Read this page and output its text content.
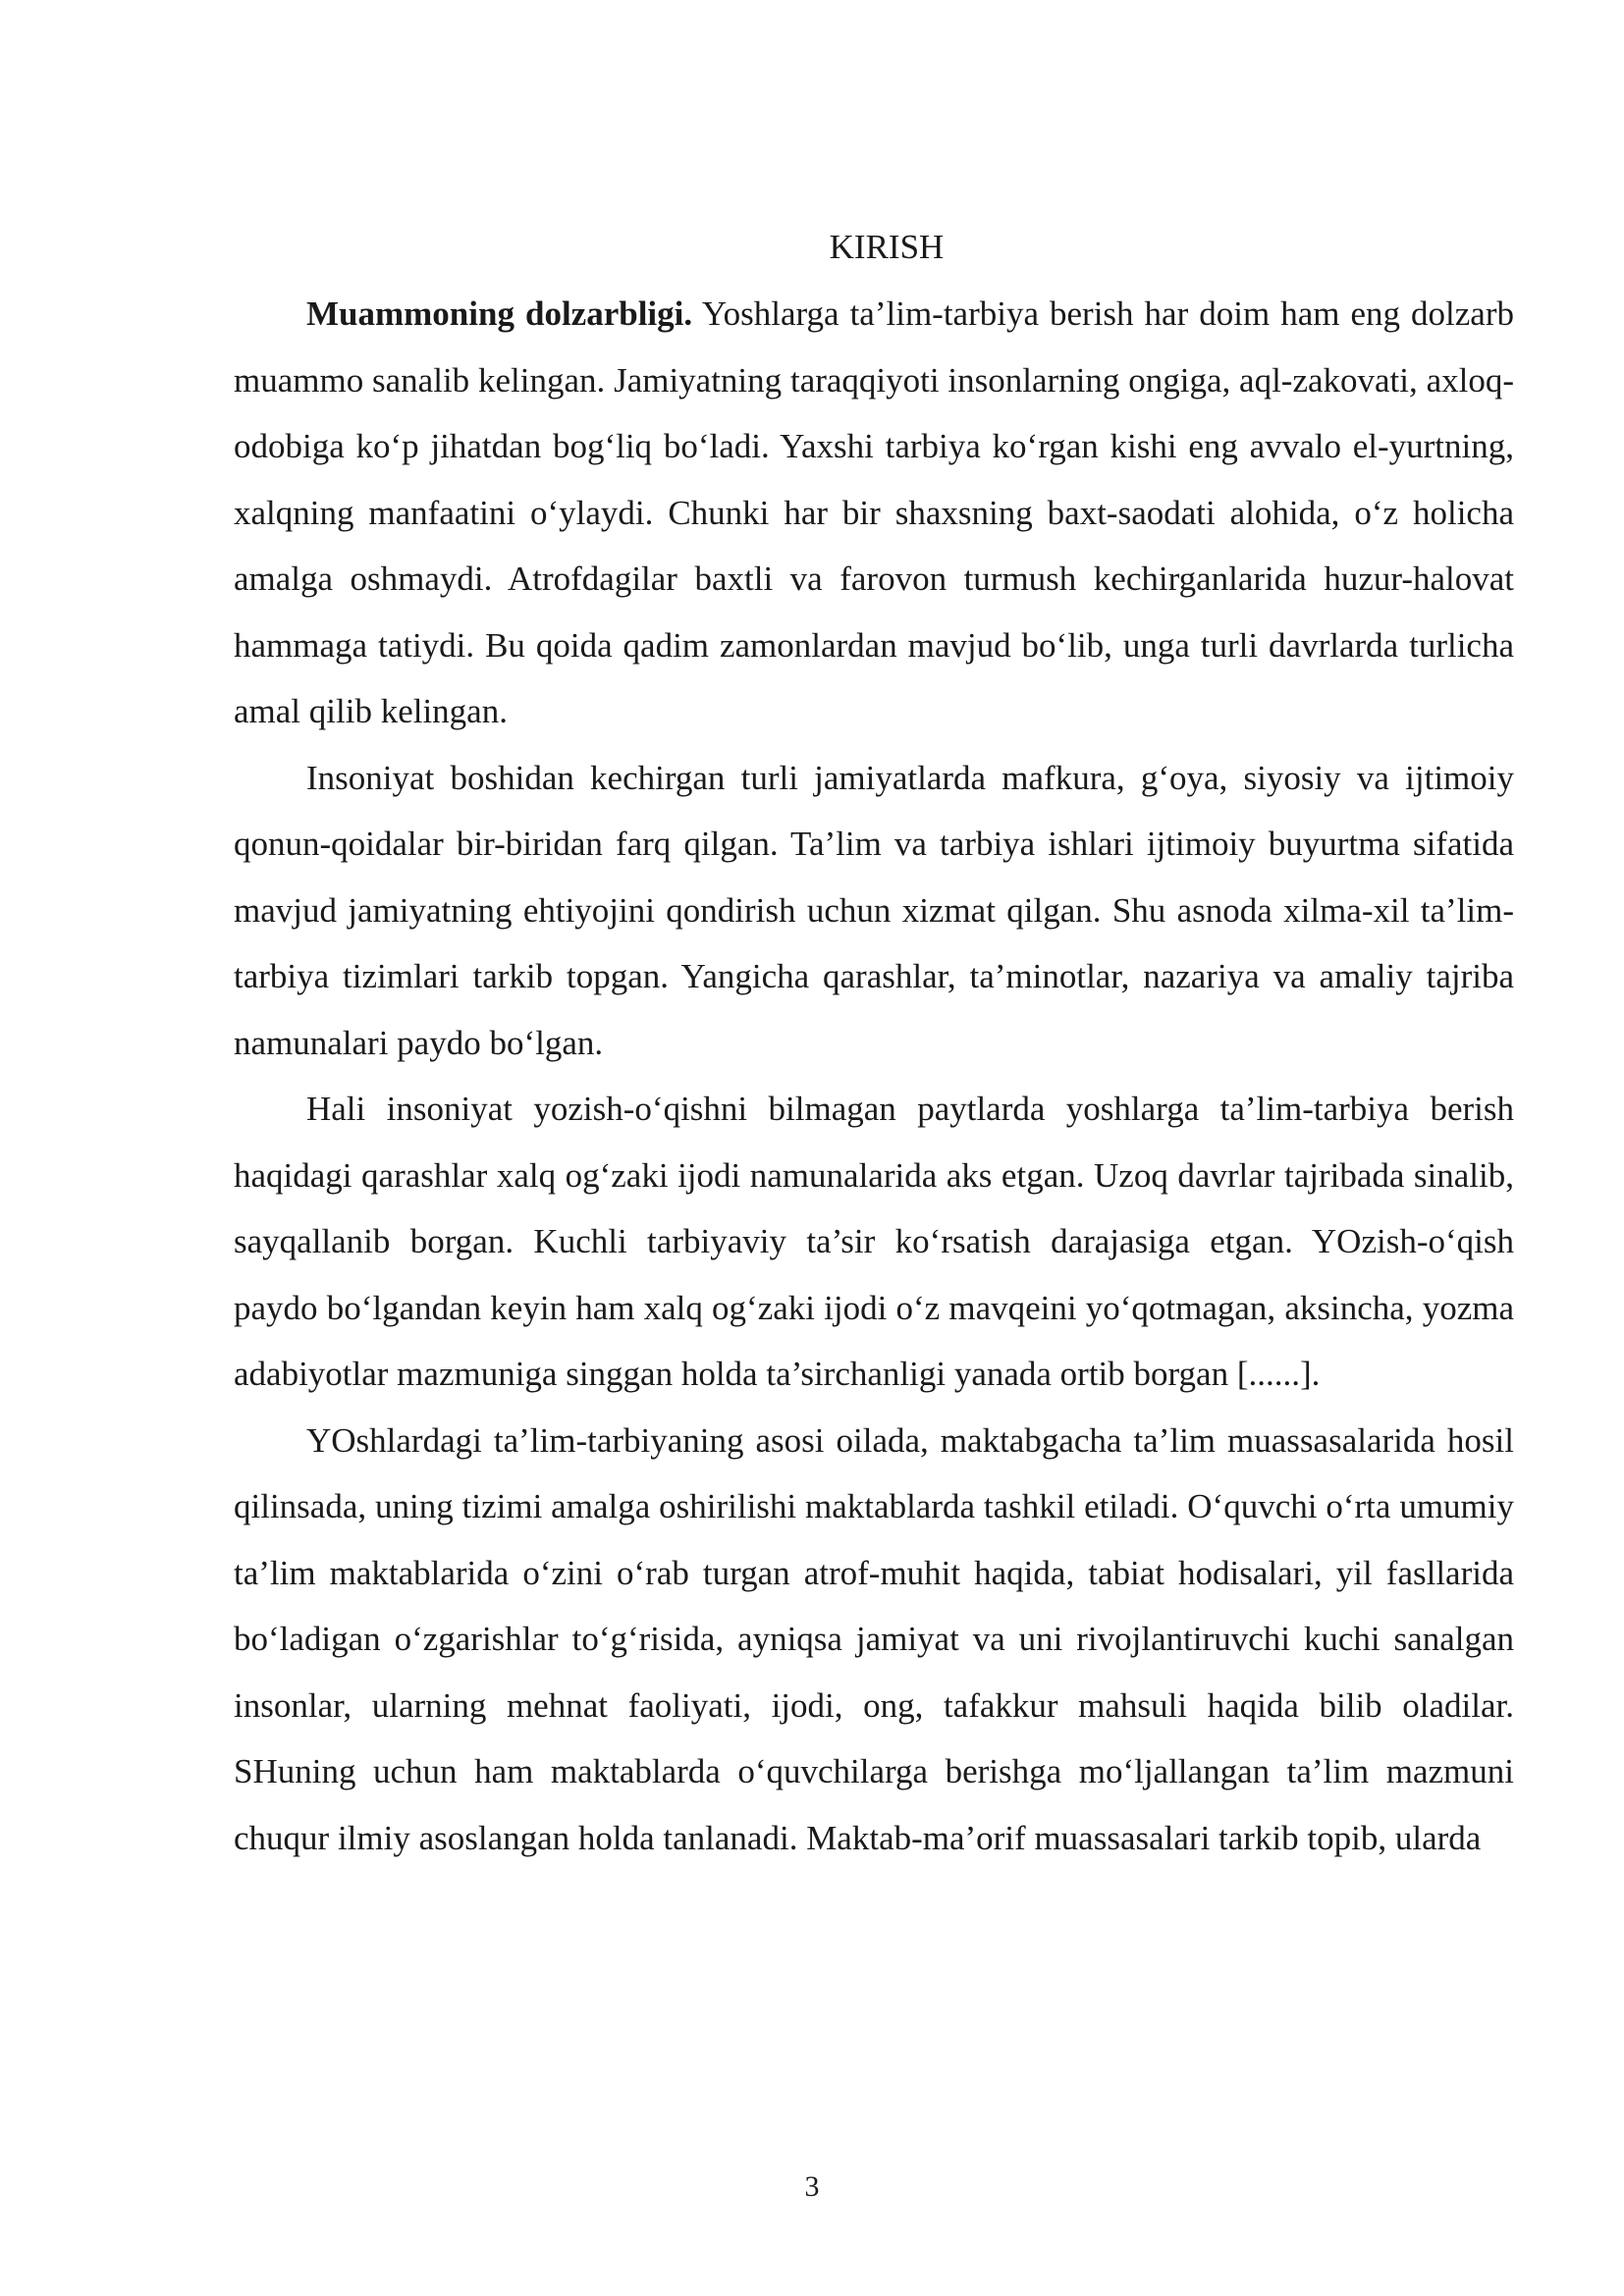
KIRISH

Muammoning dolzarbligi. Yoshlarga ta’lim-tarbiya berish har doim ham eng dolzarb muammo sanalib kelingan. Jamiyatning taraqqiyoti insonlarning ongiga, aql-zakovati, axloq-odobiga ko‘p jihatdan bog‘liq bo‘ladi. Yaxshi tarbiya ko‘rgan kishi eng avvalo el-yurtning, xalqning manfaatini o‘ylaydi. Chunki har bir shaxsning baxt-saodati alohida, o‘z holicha amalga oshmaydi. Atrofdagilar baxtli va farovon turmush kechirganlarida huzur-halovat hammaga tatiydi. Bu qoida qadim zamonlardan mavjud bo‘lib, unga turli davrlarda turlicha amal qilib kelingan.

Insoniyat boshidan kechirgan turli jamiyatlarda mafkura, g‘oya, siyosiy va ijtimoiy qonun-qoidalar bir-biridan farq qilgan. Ta’lim va tarbiya ishlari ijtimoiy buyurtma sifatida mavjud jamiyatning ehtiyojini qondirish uchun xizmat qilgan. Shu asnoda xilma-xil ta’lim-tarbiya tizimlari tarkib topgan. Yangicha qarashlar, ta’minotlar, nazariya va amaliy tajriba namunalari paydo bo‘lgan.

Hali insoniyat yozish-o‘qishni bilmagan paytlarda yoshlarga ta’lim-tarbiya berish haqidagi qarashlar xalq og‘zaki ijodi namunalarida aks etgan. Uzoq davrlar tajribada sinalib, sayqallanib borgan. Kuchli tarbiyaviy ta’sir ko‘rsatish darajasiga etgan. YOzish-o‘qish paydo bo‘lgandan keyin ham xalq og‘zaki ijodi o‘z mavqeini yo‘qotmagan, aksincha, yozma adabiyotlar mazmuniga singgan holda ta’sirchanligi yanada ortib borgan [......].

YOshlardagi ta’lim-tarbiyaning asosi oilada, maktabgacha ta’lim muassasalarida hosil qilinsada, uning tizimi amalga oshirilishi maktablarda tashkil etiladi. O‘quvchi o‘rta umumiy ta’lim maktablarida o‘zini o‘rab turgan atrof-muhit haqida, tabiat hodisalari, yil fasllarida bo‘ladigan o‘zgarishlar to‘g‘risida, ayniqsa jamiyat va uni rivojlantiruvchi kuchi sanalgan insonlar, ularning mehnat faoliyati, ijodi, ong, tafakkur mahsuli haqida bilib oladilar. SHuning uchun ham maktablarda o‘quvchilarga berishga mo‘ljallangan ta’lim mazmuni chuqur ilmiy asoslangan holda tanlanadi. Maktab-ma’orif muassasalari tarkib topib, ularda

3
